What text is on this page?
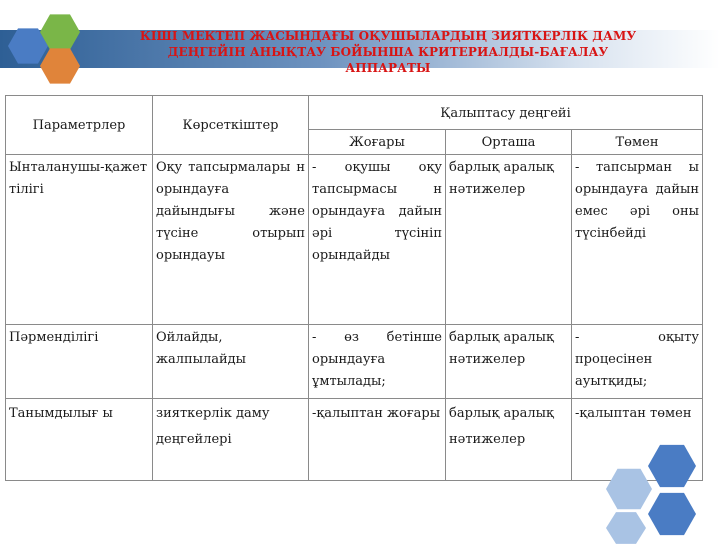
КІШІ МЕКТЕП ЖАСЫНДАҒЫ ОҚУШЫЛАРДЫҢ ЗИЯТКЕРЛІК ДАМУ
ДЕҢГЕЙІН АНЫҚТАУ БОЙЫНША КРИТЕРИАЛДЫ-БАҒАЛАУ
АППАРАТЫ
Параметрлер	Көрсеткіштер	Қалыптасу деңгейі		
		Жоғары	Орташа	Төмен
Ынталанушы-қажеттілігі	Оқу тапсырмалары н орындауға дайындығы және түсіне отырып орындауы	- оқушы оқу тапсырмасы н орындауға дайын әрі түсініп орындайды	барлық аралық нәтижелер	- тапсырман ы орындауға дайын емес әрі оны түсінбейді
Пәрменділігі	Ойлайды, жалпылайды	- өз бетінше орындауға ұмтылады;	барлық аралық нәтижелер	- оқыту процесінен ауытқиды;
Танымдылығ ы	зияткерлік даму деңгейлері	-қалыптан жоғары	барлық аралық нәтижелер	-қалыптан төмен
